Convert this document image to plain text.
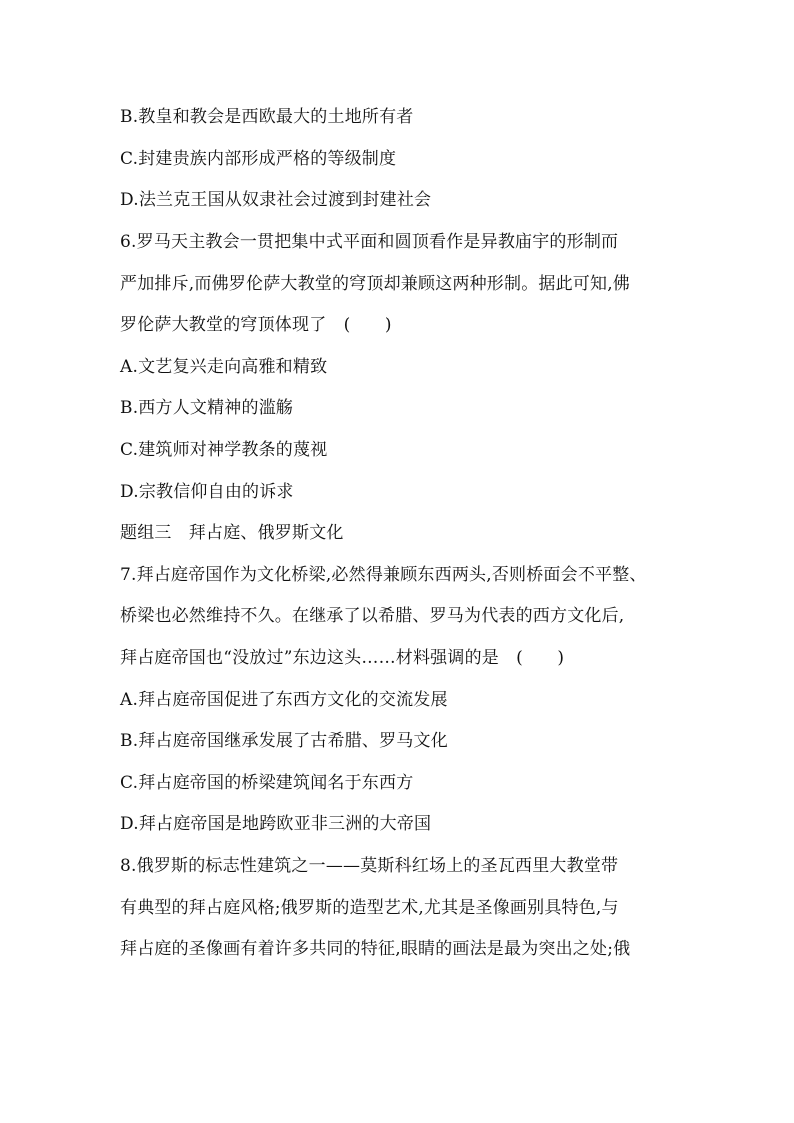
B.教皇和教会是西欧最大的土地所有者
C.封建贵族内部形成严格的等级制度
D.法兰克王国从奴隶社会过渡到封建社会
6.罗马天主教会一贯把集中式平面和圆顶看作是异教庙宇的形制而
严加排斥,而佛罗伦萨大教堂的穹顶却兼顾这两种形制。据此可知,佛
罗伦萨大教堂的穹顶体现了　(　　)
A.文艺复兴走向高雅和精致
B.西方人文精神的滥觞
C.建筑师对神学教条的蔑视
D.宗教信仰自由的诉求
题组三　拜占庭、俄罗斯文化
7.拜占庭帝国作为文化桥梁,必然得兼顾东西两头,否则桥面会不平整、
桥梁也必然维持不久。在继承了以希腊、罗马为代表的西方文化后,
拜占庭帝国也“没放过”东边这头……材料强调的是　(　　)
A.拜占庭帝国促进了东西方文化的交流发展
B.拜占庭帝国继承发展了古希腊、罗马文化
C.拜占庭帝国的桥梁建筑闻名于东西方
D.拜占庭帝国是地跨欧亚非三洲的大帝国
8.俄罗斯的标志性建筑之一——莫斯科红场上的圣瓦西里大教堂带
有典型的拜占庭风格;俄罗斯的造型艺术,尤其是圣像画别具特色,与
拜占庭的圣像画有着许多共同的特征,眼睛的画法是最为突出之处;俄
